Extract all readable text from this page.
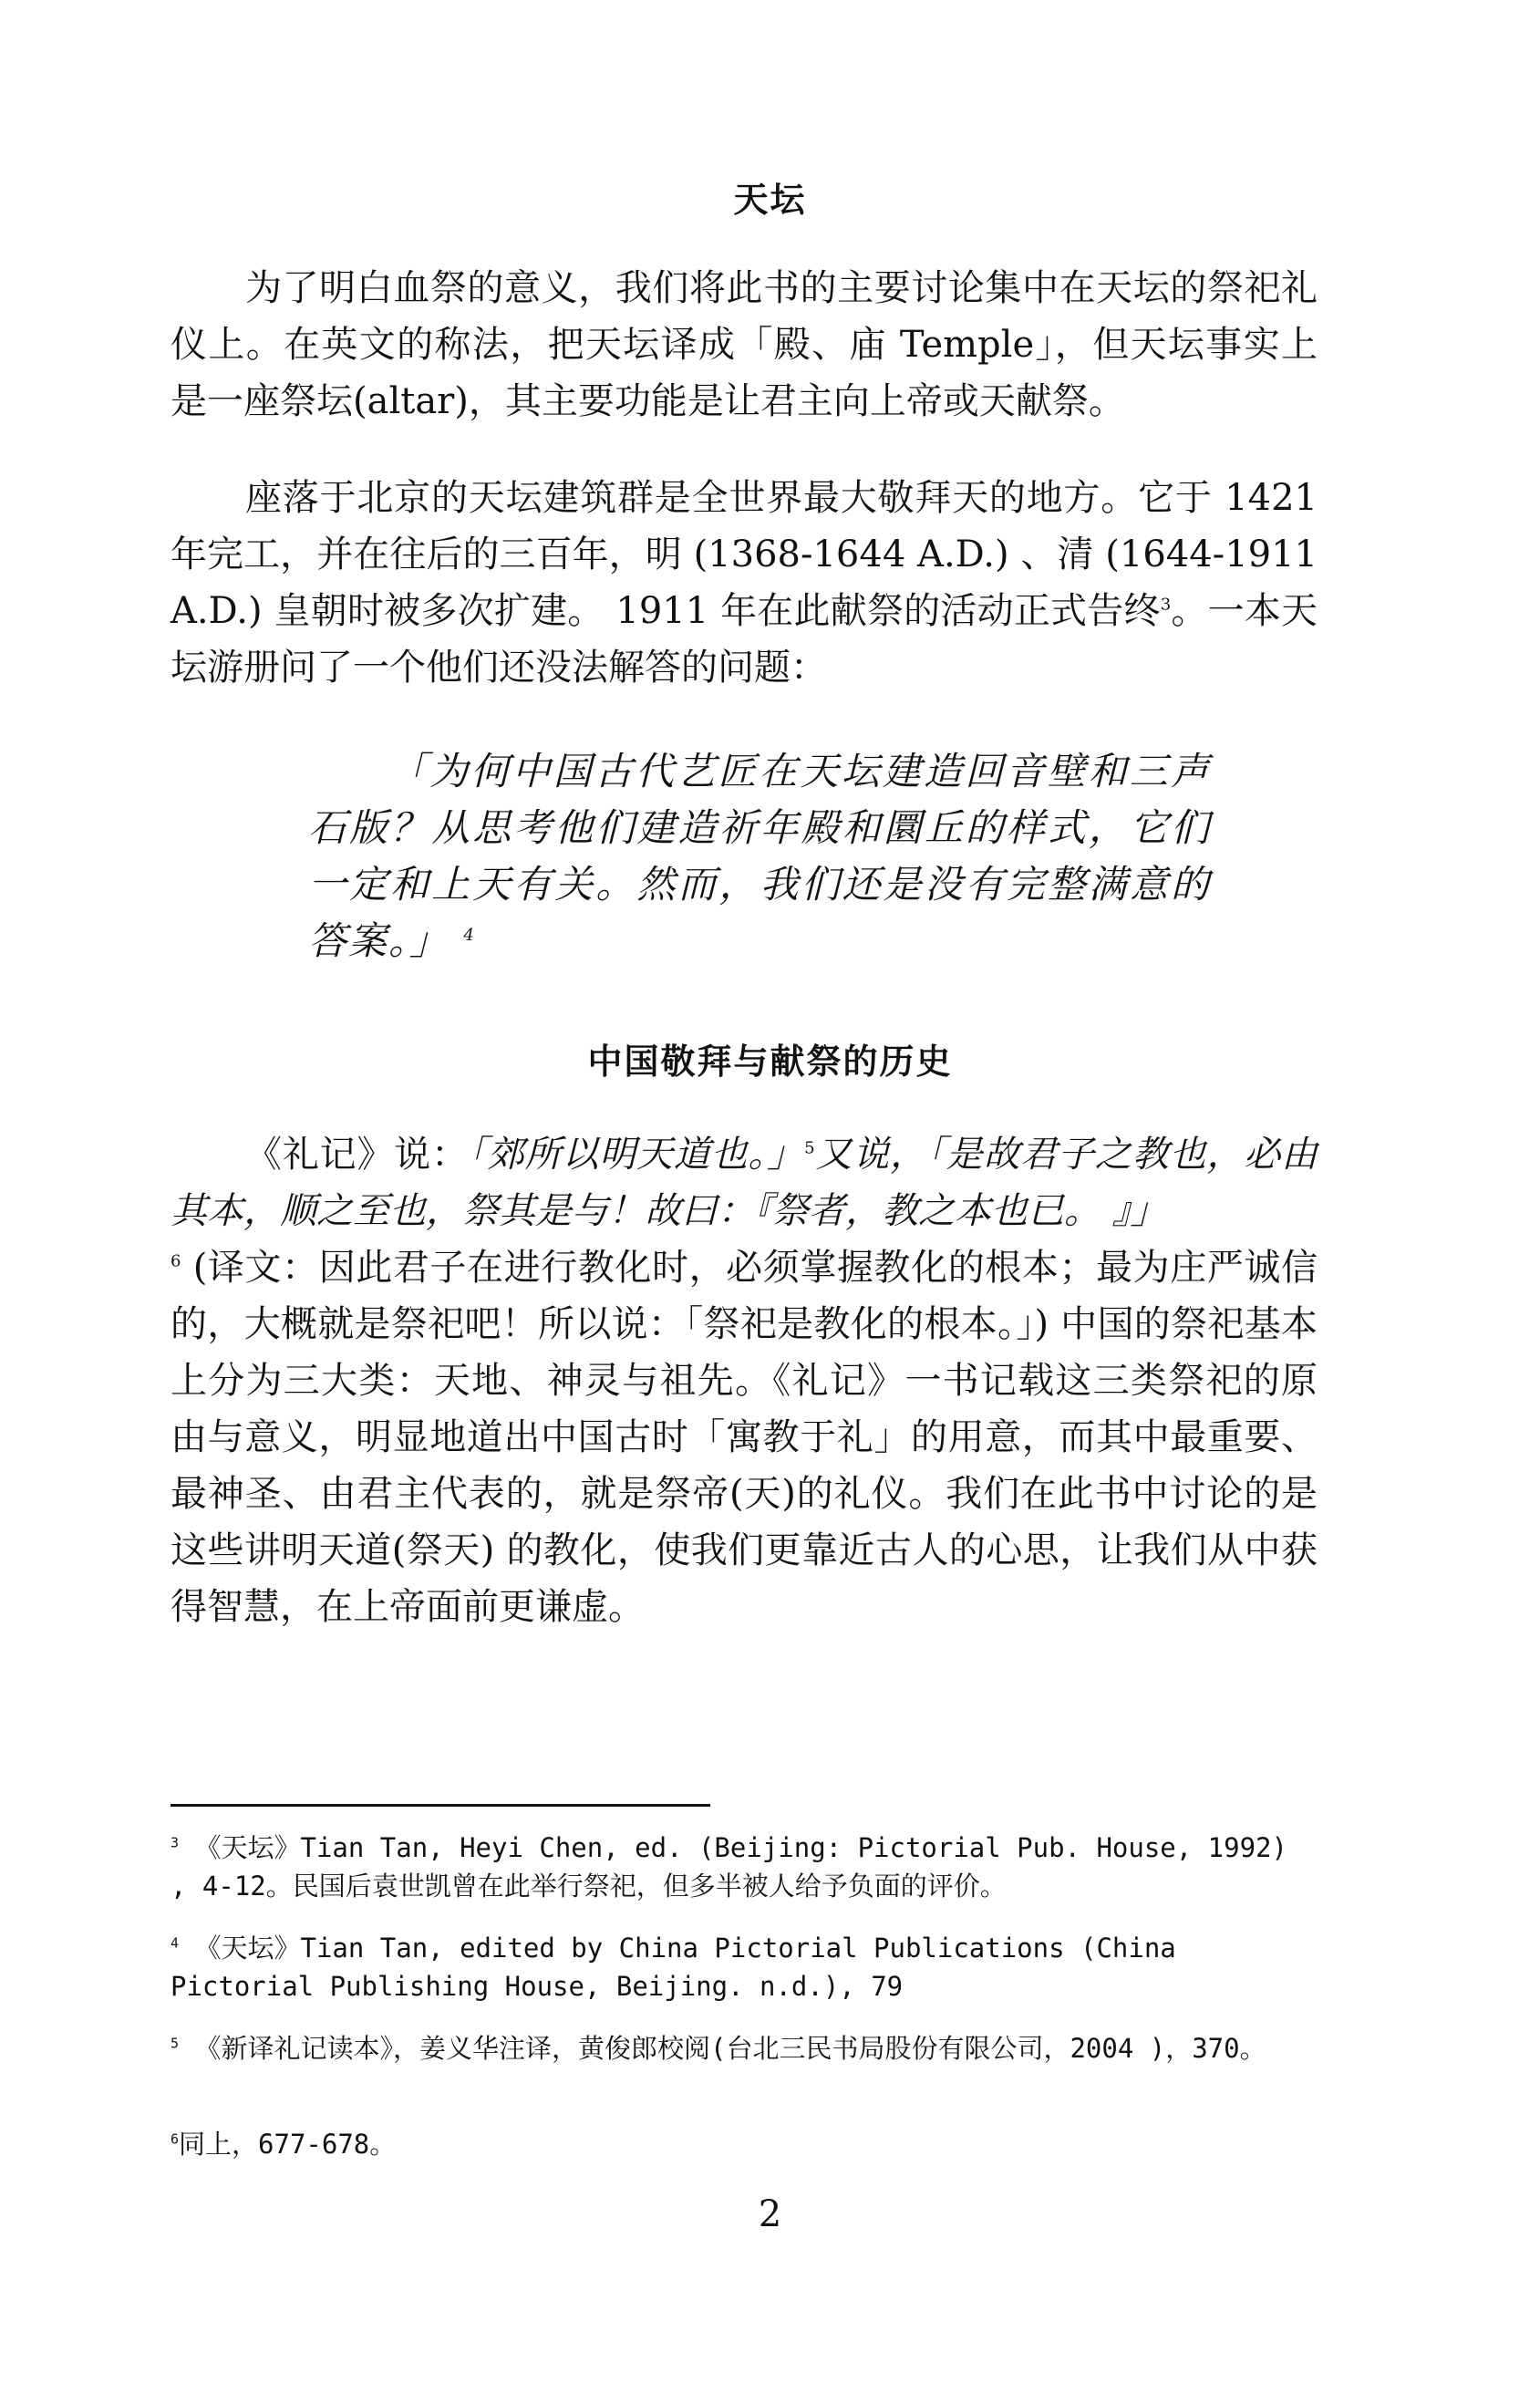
天坛

为了明白血祭的意义，我们将此书的主要讨论集中在天坛的祭祀礼仪上。在英文的称法，把天坛译成「殿、庙 Temple」，但天坛事实上是一座祭坛(altar)，其主要功能是让君主向上帝或天献祭。

座落于北京的天坛建筑群是全世界最大敬拜天的地方。它于 1421 年完工，并在往后的三百年，明 (1368-1644 A.D.) 、清 (1644-1911 A.D.) 皇朝时被多次扩建。 1911 年在此献祭的活动正式告终$^3$。一本天坛游册问了一个他们还没法解答的问题：

「为何中国古代艺匠在天坛建造回音壁和三声石版？从思考他们建造祈年殿和圜丘的样式，它们一定和上天有关。然而，我们还是没有完整满意的答案。」 $^4$

中国敬拜与献祭的历史

《礼记》说：「郊所以明天道也。」$^5$又说，「是故君子之教也，必由其本，顺之至也，祭其是与！故曰：『祭者，教之本也已。 』」
$^6$ (译文：因此君子在进行教化时，必须掌握教化的根本；最为庄严诚信的，大概就是祭祀吧！所以说：「祭祀是教化的根本。」) 中国的祭祀基本上分为三大类：天地、神灵与祖先。《礼记》一书记载这三类祭祀的原由与意义，明显地道出中国古时「寓教于礼」的用意，而其中最重要、最神圣、由君主代表的，就是祭帝(天)的礼仪。我们在此书中讨论的是这些讲明天道(祭天) 的教化，使我们更靠近古人的心思，让我们从中获得智慧，在上帝面前更谦虚。

$^3$ 《天坛》Tian Tan, Heyi Chen, ed. (Beijing: Pictorial Pub. House, 1992) , 4-12。民国后袁世凯曾在此举行祭祀，但多半被人给予负面的评价。

$^4$ 《天坛》Tian Tan, edited by China Pictorial Publications (China Pictorial Publishing House, Beijing. n.d.), 79

$^5$ 《新译礼记读本》，姜义华注译，黄俊郎校阅(台北三民书局股份有限公司，2004 )，370。

$^6$同上，677-678。

2
